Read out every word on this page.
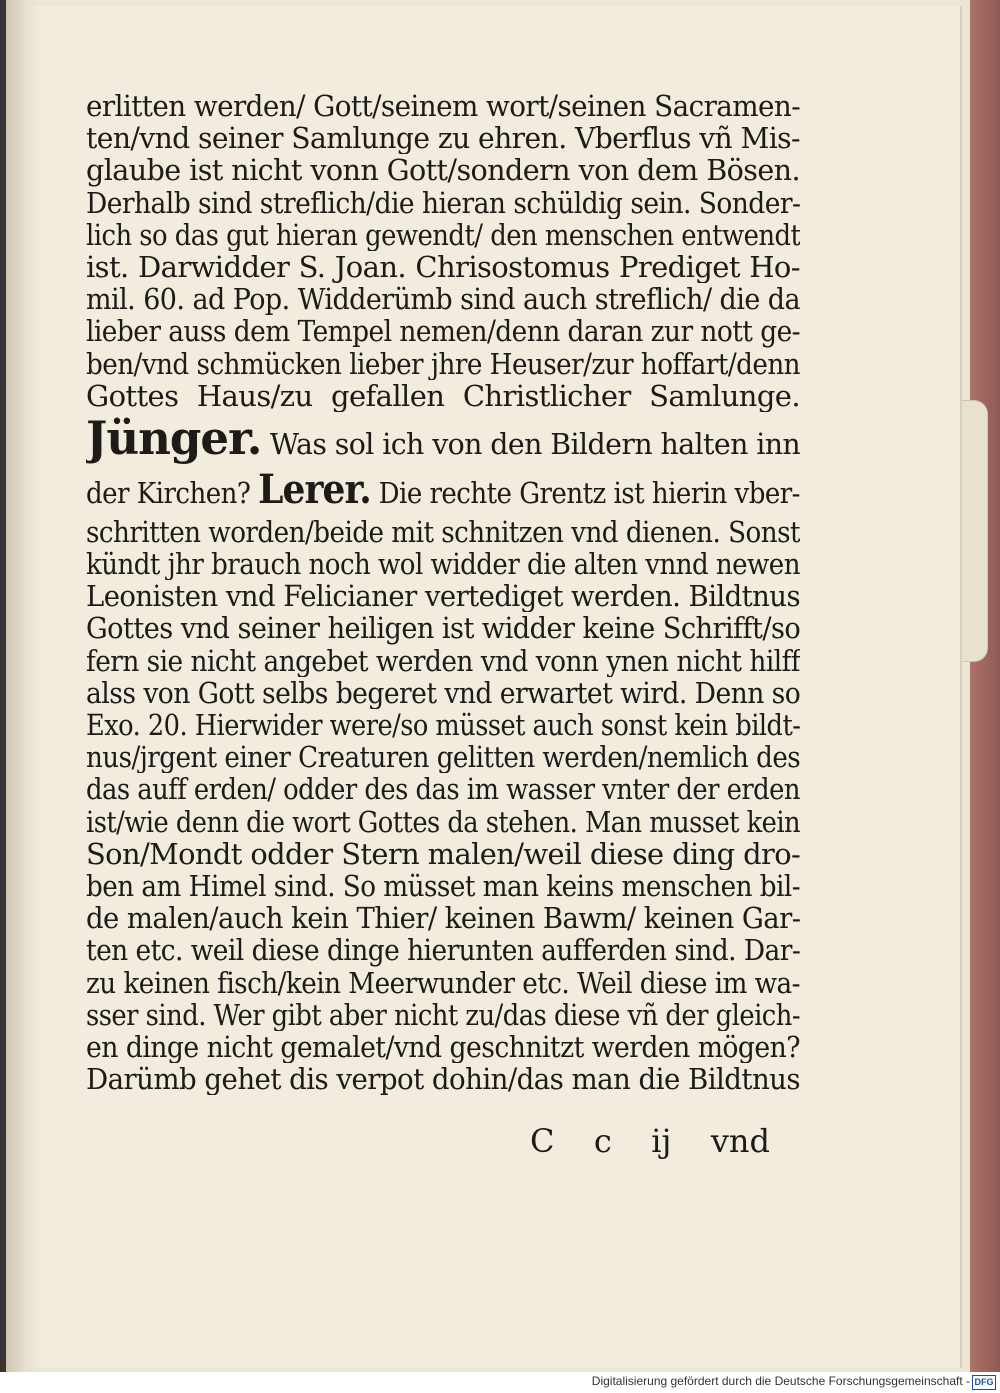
erlitten werden/ Gott/seinem wort/seinen Sacramen-
ten/vnd seiner Samlunge zu ehren. Vberflus vñ Mis-
glaube ist nicht vonn Gott/sondern von dem Bösen.
Derhalb sind streflich/die hieran schüldig sein. Sonder-
lich so das gut hieran gewendt/ den menschen entwendt
ist. Darwidder S. Joan. Chrisostomus Prediget Ho-
mil. 60. ad Pop. Widderümb sind auch streflich/ die da
lieber auss dem Tempel nemen/denn daran zur nott ge-
ben/vnd schmücken lieber jhre Heuser/zur hoffart/denn
Gottes Haus/zu gefallen Christlicher Samlunge.
Jünger. Was sol ich von den Bildern halten inn
der Kirchen? Lerer. Die rechte Grentz ist hierin vber-
schritten worden/beide mit schnitzen vnd dienen. Sonst
kündt jhr brauch noch wol widder die alten vnnd newen
Leonisten vnd Felicianer vertediget werden. Bildtnus
Gottes vnd seiner heiligen ist widder keine Schrifft/so
fern sie nicht angebet werden vnd vonn ynen nicht hilff
alss von Gott selbs begeret vnd erwartet wird. Denn so
Exo. 20. Hierwider were/so müsset auch sonst kein bildt-
nus/jrgent einer Creaturen gelitten werden/nemlich des
das auff erden/ odder des das im wasser vnter der erden
ist/wie denn die wort Gottes da stehen. Man musset kein
Son/Mondt odder Stern malen/weil diese ding dro-
ben am Himel sind. So müsset man keins menschen bil-
de malen/auch kein Thier/ keinen Bawm/ keinen Gar-
ten etc. weil diese dinge hierunten aufferden sind. Dar-
zu keinen fisch/kein Meerwunder etc. Weil diese im wa-
sser sind. Wer gibt aber nicht zu/das diese vñ der gleich-
en dinge nicht gemalet/vnd geschnitzt werden mögen?
Darümb gehet dis verpot dohin/das man die Bildtnus
C c ij vnd
Digitalisierung gefördert durch die Deutsche Forschungsgemeinschaft - DFG
